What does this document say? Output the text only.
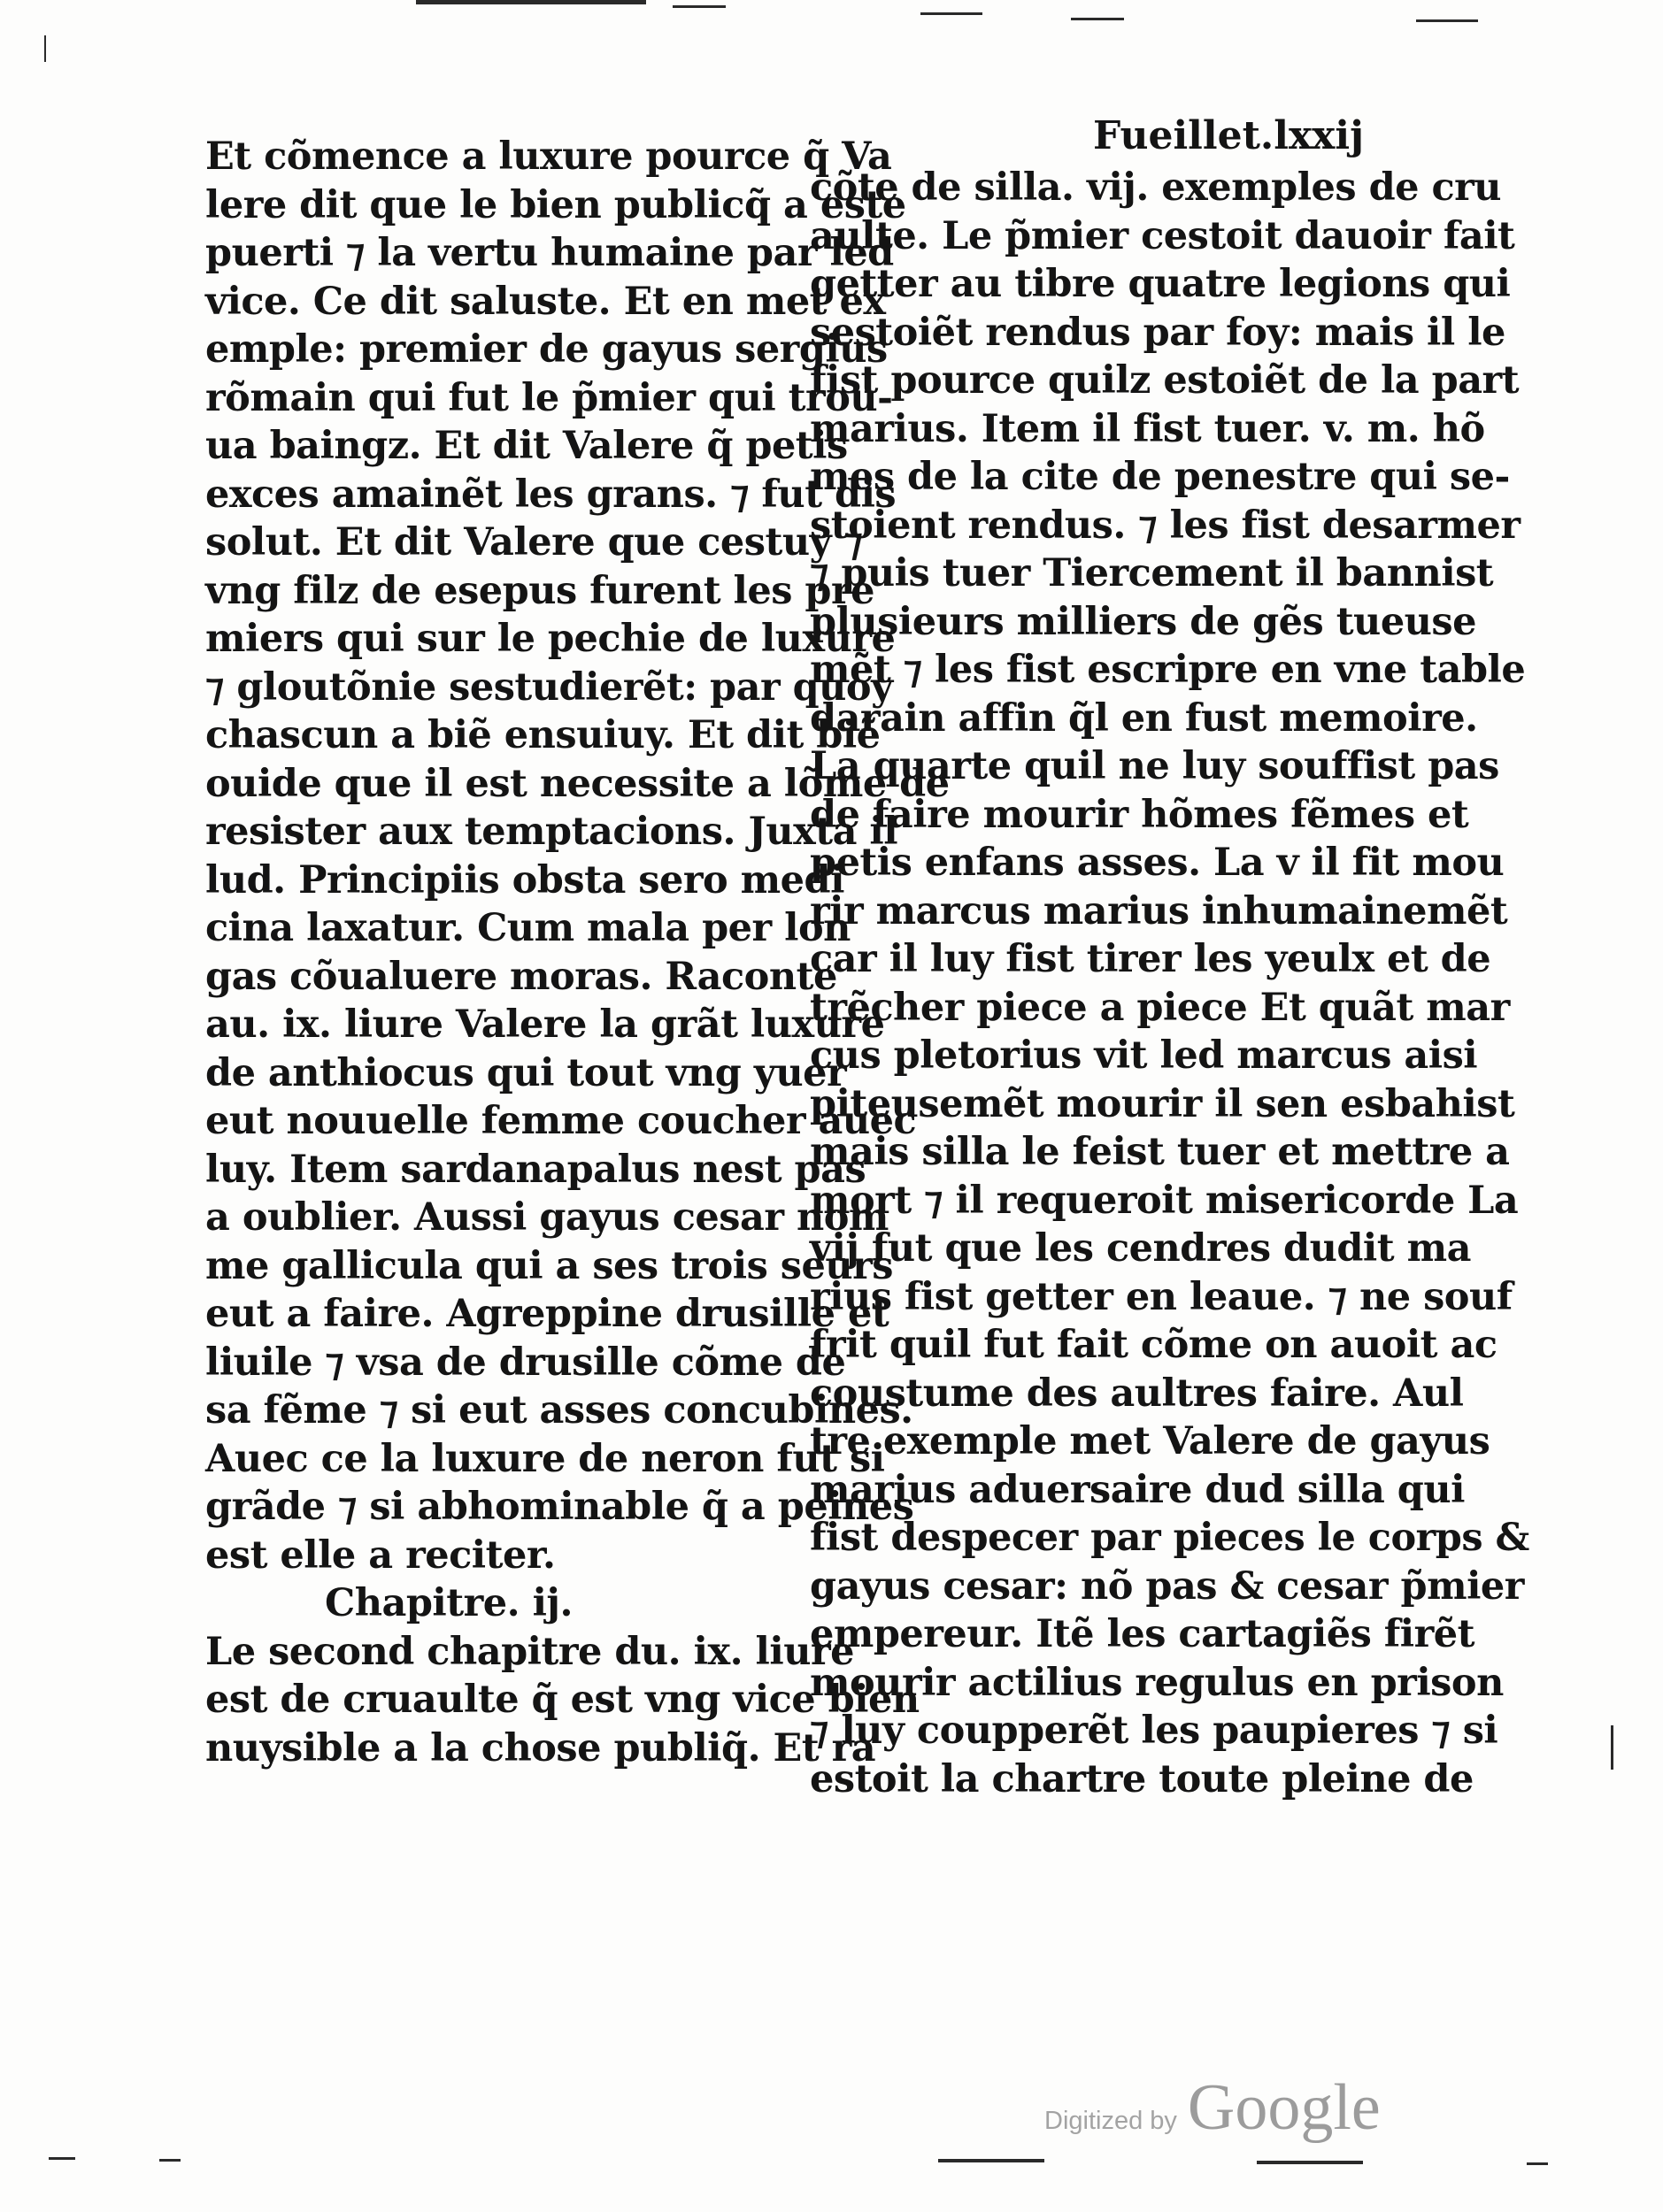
Fueillet.lxxij
Et cõmence a luxure pource q̃ Va
lere dit que le bien publicq̃ a este
puerti ⁊ la vertu humaine par led
vice. Ce dit saluste. Et en met ex
emple: premier de gayus sergius
rõmain qui fut le p̃mier qui trou-
ua baingz. Et dit Valere q̃ petis
exces amainẽt les grans. ⁊ fut dis
solut. Et dit Valere que cestuy ⁊
vng filz de esepus furent les pre
miers qui sur le pechie de luxure
⁊ gloutõnie sestudierẽt: par quoy
chascun a biẽ ensuiuy. Et dit biẽ
ouide que il est necessite a lõme de
resister aux temptacions. Juxta il
lud. Principiis obsta sero medi
cina laxatur. Cum mala per lon
gas cõualuere moras. Raconte
au. ix. liure Valere la grãt luxure
de anthiocus qui tout vng yuer
eut nouuelle femme coucher auec
luy. Item sardanapalus nest pas
a oublier. Aussi gayus cesar nom
me gallicula qui a ses trois seurs
eut a faire. Agreppine drusille et
liuile ⁊ vsa de drusille cõme de
sa fẽme ⁊ si eut asses concubines.
Auec ce la luxure de neron fut si
grãde ⁊ si abhominable q̃ a peines
est elle a reciter.
Chapitre. ij.
Le second chapitre du. ix. liure
est de cruaulte q̃ est vng vice bien
nuysible a la chose publiq̃. Et ra
cõte de silla. vij. exemples de cru
aulte. Le p̃mier cestoit dauoir fait
getter au tibre quatre legions qui
sestoiẽt rendus par foy: mais il le
fist pource quilz estoiẽt de la part
marius. Item il fist tuer. v. m. hõ
mes de la cite de penestre qui se-
stoient rendus. ⁊ les fist desarmer
⁊ puis tuer Tiercement il bannist
plusieurs milliers de gẽs tueuse
mẽt ⁊ les fist escripre en vne table
darain affin q̃l en fust memoire.
La quarte quil ne luy souffist pas
de faire mourir hõmes fẽmes et
petis enfans asses. La v il fit mou
rir marcus marius inhumainemẽt
car il luy fist tirer les yeulx et de
trẽcher piece a piece Et quãt mar
cus pletorius vit led marcus aisi
piteusemẽt mourir il sen esbahist
mais silla le feist tuer et mettre a
mort ⁊ il requeroit misericorde La
vij fut que les cendres dudit ma
rius fist getter en leaue. ⁊ ne souf
frit quil fut fait cõme on auoit ac
coustume des aultres faire. Aul
tre exemple met Valere de gayus
marius aduersaire dud silla qui
fist despecer par pieces le corps &
gayus cesar: nõ pas & cesar p̃mier
empereur. Itẽ les cartagiẽs firẽt
mourir actilius regulus en prison
⁊ luy coupperẽt les paupieres ⁊ si
estoit la chartre toute pleine de
Digitized by Google
